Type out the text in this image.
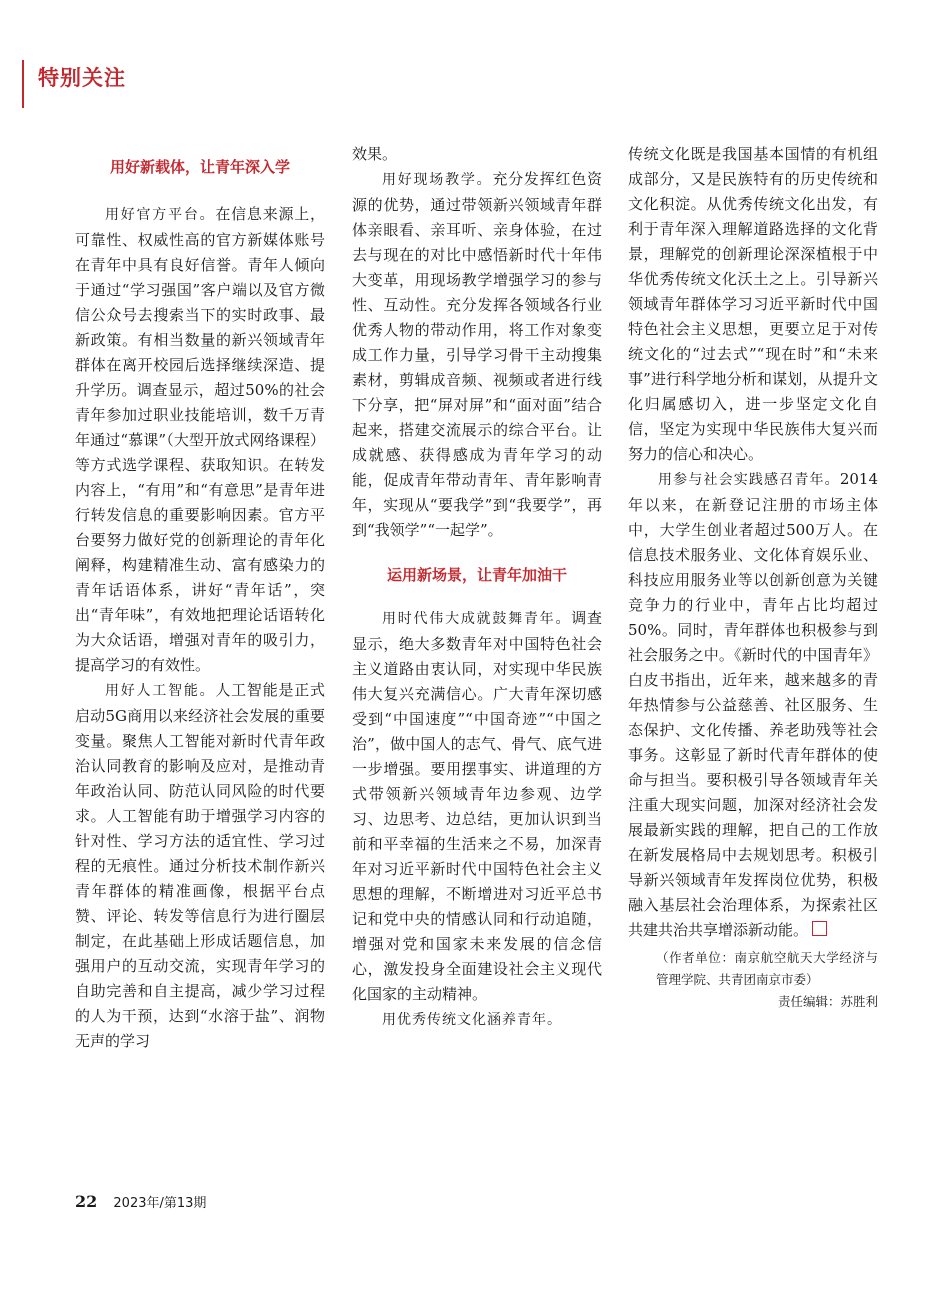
特别关注
用好新载体，让青年深入学

用好官方平台。在信息来源上，可靠性、权威性高的官方新媒体账号在青年中具有良好信誉。青年人倾向于通过“学习强国”客户端以及官方微信公众号去搜索当下的实时政事、最新政策。有相当数量的新兴领域青年群体在离开校园后选择继续深造、提升学历。调查显示，超过50%的社会青年参加过职业技能培训，数千万青年通过“慕课”（大型开放式网络课程）等方式选学课程、获取知识。在转发内容上，“有用”和“有意思”是青年进行转发信息的重要影响因素。官方平台要努力做好党的创新理论的青年化阐释，构建精准生动、富有感染力的青年话语体系，讲好“青年话”，突出“青年味”，有效地把理论话语转化为大众话语，增强对青年的吸引力，提高学习的有效性。

用好人工智能。人工智能是正式启动5G商用以来经济社会发展的重要变量。聚焦人工智能对新时代青年政治认同教育的影响及应对，是推动青年政治认同、防范认同风险的时代要求。人工智能有助于增强学习内容的针对性、学习方法的适宜性、学习过程的无痕性。通过分析技术制作新兴青年群体的精准画像，根据平台点赞、评论、转发等信息行为进行圈层制定，在此基础上形成话题信息，加强用户的互动交流，实现青年学习的自助完善和自主提高，减少学习过程的人为干预，达到“水溶于盐”、润物无声的学习

效果。

用好现场教学。充分发挥红色资源的优势，通过带领新兴领域青年群体亲眼看、亲耳听、亲身体验，在过去与现在的对比中感悟新时代十年伟大变革，用现场教学增强学习的参与性、互动性。充分发挥各领域各行业优秀人物的带动作用，将工作对象变成工作力量，引导学习骨干主动搜集素材，剪辑成音频、视频或者进行线下分享，把“屏对屏”和“面对面”结合起来，搭建交流展示的综合平台。让成就感、获得感成为青年学习的动能，促成青年带动青年、青年影响青年，实现从“要我学”到“我要学”，再到“我领学”“一起学”。

运用新场景，让青年加油干

用时代伟大成就鼓舞青年。调查显示，绝大多数青年对中国特色社会主义道路由衷认同，对实现中华民族伟大复兴充满信心。广大青年深切感受到“中国速度”“中国奇迹”“中国之治”，做中国人的志气、骨气、底气进一步增强。要用摆事实、讲道理的方式带领新兴领域青年边参观、边学习、边思考、边总结，更加认识到当前和平幸福的生活来之不易，加深青年对习近平新时代中国特色社会主义思想的理解，不断增进对习近平总书记和党中央的情感认同和行动追随，增强对党和国家未来发展的信念信心，激发投身全面建设社会主义现代化国家的主动精神。

用优秀传统文化涵养青年。

传统文化既是我国基本国情的有机组成部分，又是民族特有的历史传统和文化积淀。从优秀传统文化出发，有利于青年深入理解道路选择的文化背景，理解党的创新理论深深植根于中华优秀传统文化沃土之上。引导新兴领域青年群体学习习近平新时代中国特色社会主义思想，更要立足于对传统文化的“过去式”“现在时”和“未来事”进行科学地分析和谋划，从提升文化归属感切入，进一步坚定文化自信，坚定为实现中华民族伟大复兴而努力的信心和决心。

用参与社会实践感召青年。2014年以来，在新登记注册的市场主体中，大学生创业者超过500万人。在信息技术服务业、文化体育娱乐业、科技应用服务业等以创新创意为关键竞争力的行业中，青年占比均超过50%。同时，青年群体也积极参与到社会服务之中。《新时代的中国青年》白皮书指出，近年来，越来越多的青年热情参与公益慈善、社区服务、生态保护、文化传播、养老助残等社会事务。这彰显了新时代青年群体的使命与担当。要积极引导各领域青年关注重大现实问题，加深对经济社会发展最新实践的理解，把自己的工作放在新发展格局中去规划思考。积极引导新兴领域青年发挥岗位优势，积极融入基层社会治理体系，为探索社区共建共治共享增添新动能。

（作者单位：南京航空航天大学经济与管理学院、共青团南京市委）

责任编辑：苏胜利

22 2023年/第13期
